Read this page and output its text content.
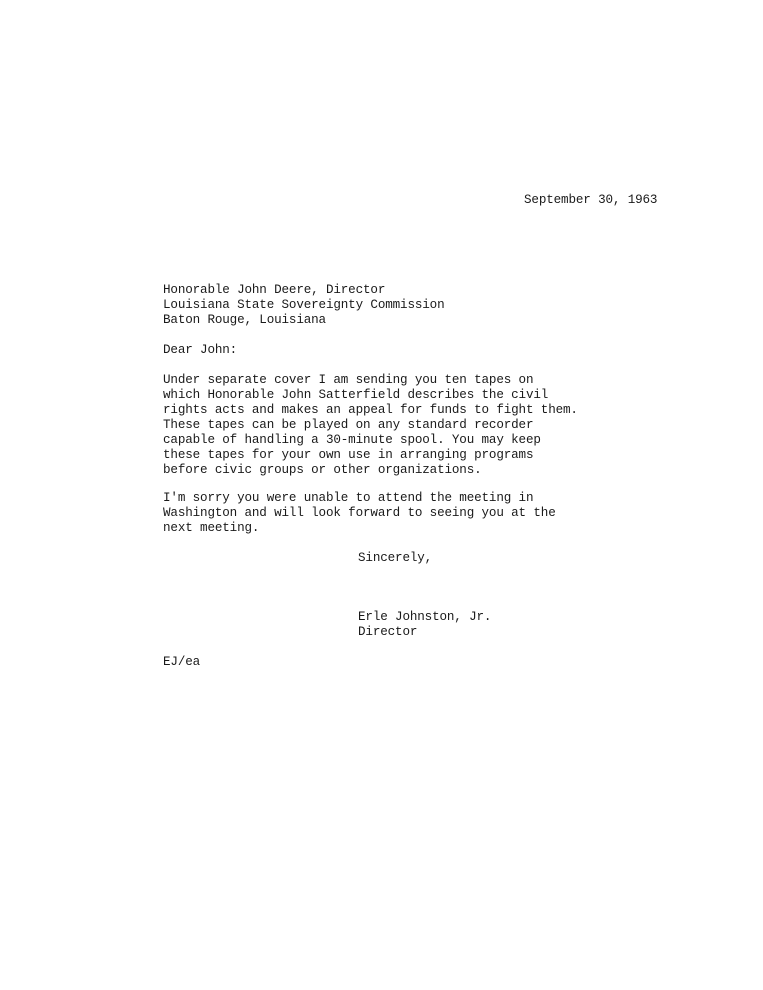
September 30, 1963
Honorable John Deere, Director
Louisiana State Sovereignty Commission
Baton Rouge, Louisiana
Dear John:
Under separate cover I am sending you ten tapes on
which Honorable John Satterfield describes the civil
rights acts and makes an appeal for funds to fight them.
These tapes can be played on any standard recorder
capable of handling a 30-minute spool. You may keep
these tapes for your own use in arranging programs
before civic groups or other organizations.
I'm sorry you were unable to attend the meeting in
Washington and will look forward to seeing you at the
next meeting.
Sincerely,
Erle Johnston, Jr.
Director
EJ/ea
